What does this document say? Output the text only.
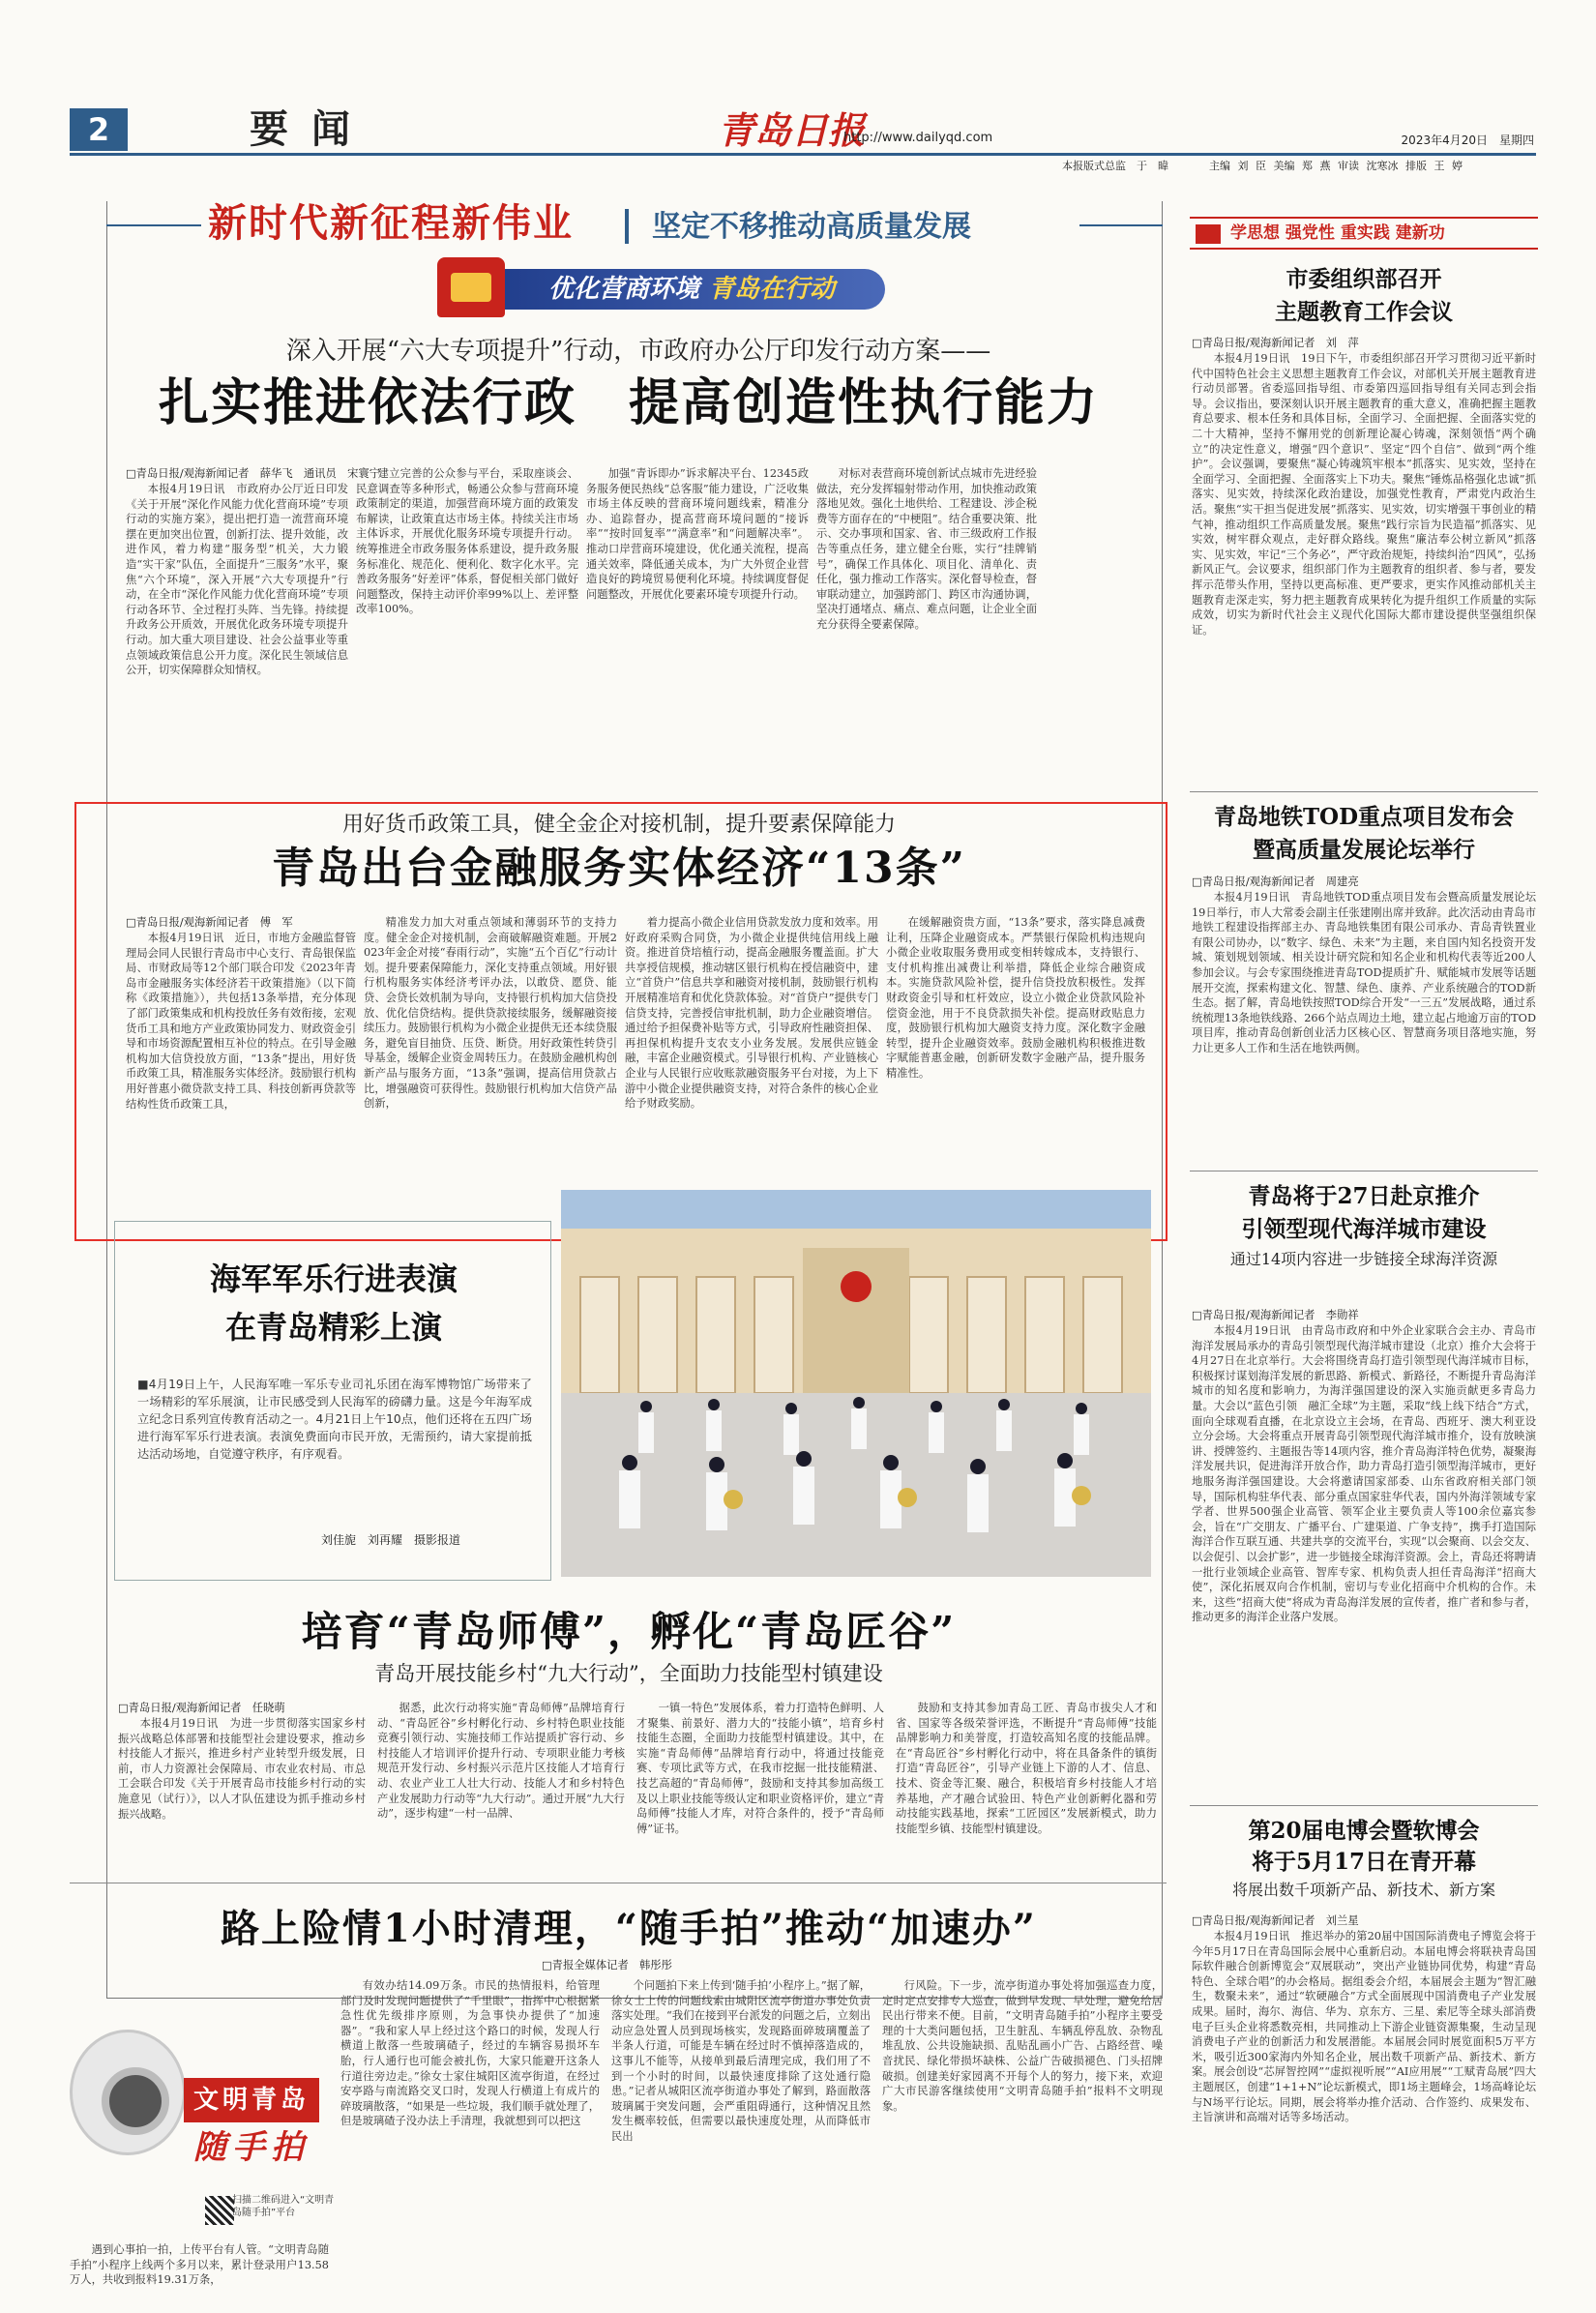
2	要闻	青岛日报
http://www.dailyqd.com	2023年4月20日　星期四
本报版式总监　于　暐	主编 刘 臣 美编 郑 燕 审读 沈寒冰 排版 王 婷
新时代新征程新伟业	坚定不移推动高质量发展
优化营商环境 青岛在行动
深入开展“六大专项提升”行动，市政府办公厅印发行动方案——
扎实推进依法行政　提高创造性执行能力
□青岛日报/观海新闻记者　薛华飞　通讯员　宋寰宁

本报4月19日讯　市政府办公厅近日印发《关于开展“深化作风能力优化营商环境”专项行动的实施方案》，提出把打造一流营商环境摆在更加突出位置，创新打法、提升效能，改进作风，着力构建“服务型”机关，大力锻造“实干家”队伍，全面提升“三服务”水平，聚焦“六个环境”，深入开展“六大专项提升”行动，在全市“深化作风能力优化营商环境”专项行动各环节、全过程打头阵、当先锋。持续提升政务公开质效，开展优化政务环境专项提升行动。加大重大项目建设、社会公益事业等重点领域政策信息公开力度。深化民生领域信息公开，切实保障群众知情权。

建立完善的公众参与平台，采取座谈会、民意调查等多种形式，畅通公众参与营商环境政策制定的渠道，加强营商环境方面的政策发布解读，让政策直达市场主体。持续关注市场主体诉求，开展优化服务环境专项提升行动。统筹推进全市政务服务体系建设，提升政务服务标准化、规范化、便利化、数字化水平。完善政务服务“好差评”体系，督促相关部门做好问题整改，保持主动评价率99%以上、差评整改率100%。

加强“青诉即办”诉求解决平台、12345政务服务便民热线“总客服”能力建设，广泛收集市场主体反映的营商环境问题线索，精准分办、追踪督办，提高营商环境问题的“接诉率”“按时回复率”“满意率”和“问题解决率”。推动口岸营商环境建设，优化通关流程，提高通关效率，降低通关成本，为广大外贸企业营造良好的跨境贸易便利化环境。持续调度督促问题整改，开展优化要素环境专项提升行动。

对标对表营商环境创新试点城市先进经验做法，充分发挥辐射带动作用，加快推动政策落地见效。强化土地供给、工程建设、涉企税费等方面存在的“中梗阻”。结合重要决策、批示、交办事项和国家、省、市三级政府工作报告等重点任务，建立健全台账，实行“挂牌销号”，确保工作具体化、项目化、清单化、责任化，强力推动工作落实。深化督导检查，督审联动建立，加强跨部门、跨区市沟通协调，坚决打通堵点、痛点、难点问题，让企业全面充分获得全要素保障。

用好货币政策工具，健全金企对接机制，提升要素保障能力
青岛出台金融服务实体经济“13条”
□青岛日报/观海新闻记者　傅　军

本报4月19日讯　近日，市地方金融监督管理局会同人民银行青岛市中心支行、青岛银保监局、市财政局等12个部门联合印发《2023年青岛市金融服务实体经济若干政策措施》（以下简称《政策措施》），共包括13条举措，充分体现了部门政策集成和机构投放任务有效衔接，宏观货币工具和地方产业政策协同发力、财政资金引导和市场资源配置相互补位的特点。在引导金融机构加大信贷投放方面，“13条”提出，用好货币政策工具，精准服务实体经济。鼓励银行机构用好普惠小微贷款支持工具、科技创新再贷款等结构性货币政策工具，

精准发力加大对重点领域和薄弱环节的支持力度。健全金企对接机制，会商破解融资难题。开展2023年金企对接“春雨行动”，实施“五个百亿”行动计划。提升要素保障能力，深化支持重点领域。用好银行机构服务实体经济考评办法，以敢贷、愿贷、能贷、会贷长效机制为导向，支持银行机构加大信贷投放、优化信贷结构。提供贷款接续服务，缓解融资接续压力。鼓励银行机构为小微企业提供无还本续贷服务，避免盲目抽贷、压贷、断贷。用好政策性转贷引导基金，缓解企业资金周转压力。在鼓励金融机构创新产品与服务方面，“13条”强调，提高信用贷款占比，增强融资可获得性。鼓励银行机构加大信贷产品创新，

着力提高小微企业信用贷款发放力度和效率。用好政府采购合同贷，为小微企业提供纯信用线上融资。推进首贷培植行动，提高金融服务覆盖面。扩大共享授信规模，推动辖区银行机构在授信融资中，建立“首贷户”信息共享和融资对接机制，鼓励银行机构开展精准培育和优化贷款体验。对“首贷户”提供专门信贷支持，完善授信审批机制，助力企业融资增信。通过给予担保费补贴等方式，引导政府性融资担保、再担保机构提升支农支小业务发展。发展供应链金融，丰富企业融资模式。引导银行机构、产业链核心企业与人民银行应收账款融资服务平台对接，为上下游中小微企业提供融资支持，对符合条件的核心企业给予财政奖励。

在缓解融资贵方面，“13条”要求，落实降息减费让利，压降企业融资成本。严禁银行保险机构违规向小微企业收取服务费用或变相转嫁成本，支持银行、支付机构推出减费让利举措，降低企业综合融资成本。实施贷款风险补偿，提升信贷投放积极性。发挥财政资金引导和杠杆效应，设立小微企业贷款风险补偿资金池，用于不良贷款损失补偿。提高财政贴息力度，鼓励银行机构加大融资支持力度。深化数字金融转型，提升企业融资效率。鼓励金融机构积极推进数字赋能普惠金融，创新研发数字金融产品，提升服务精准性。

海军军乐行进表演
在青岛精彩上演
■4月19日上午，人民海军唯一军乐专业司礼乐团在海军博物馆广场带来了一场精彩的军乐展演，让市民感受到人民海军的磅礴力量。这是今年海军成立纪念日系列宣传教育活动之一。4月21日上午10点，他们还将在五四广场进行海军军乐行进表演。表演免费面向市民开放，无需预约，请大家提前抵达活动场地，自觉遵守秩序，有序观看。
刘佳旎　刘再耀　摄影报道
培育“青岛师傅”，孵化“青岛匠谷”
青岛开展技能乡村“九大行动”，全面助力技能型村镇建设
□青岛日报/观海新闻记者　任晓萌

本报4月19日讯　为进一步贯彻落实国家乡村振兴战略总体部署和技能型社会建设要求，推动乡村技能人才振兴，推进乡村产业转型升级发展，日前，市人力资源社会保障局、市农业农村局、市总工会联合印发《关于开展青岛市技能乡村行动的实施意见（试行）》，以人才队伍建设为抓手推动乡村振兴战略。

据悉，此次行动将实施“青岛师傅”品牌培育行动、“青岛匠谷”乡村孵化行动、乡村特色职业技能竞赛引领行动、实施技师工作站提质扩容行动、乡村技能人才培训评价提升行动、专项职业能力考核规范开发行动、乡村振兴示范片区技能人才培育行动、农业产业工人壮大行动、技能人才和乡村特色产业发展助力行动等“九大行动”。通过开展“九大行动”，逐步构建“一村一品牌、

一镇一特色”发展体系，着力打造特色鲜明、人才聚集、前景好、潜力大的“技能小镇”，培育乡村技能生态圈，全面助力技能型村镇建设。其中，在实施“青岛师傅”品牌培育行动中，将通过技能竞赛、专项比武等方式，在我市挖掘一批技能精湛、技艺高超的“青岛师傅”，鼓励和支持其参加高级工及以上职业技能等级认定和职业资格评价，建立“青岛师傅”技能人才库，对符合条件的，授予“青岛师傅”证书。

鼓励和支持其参加青岛工匠、青岛市拔尖人才和省、国家等各级荣誉评选，不断提升“青岛师傅”技能品牌影响力和美誉度，打造较高知名度的技能品牌。在“青岛匠谷”乡村孵化行动中，将在具备条件的镇街打造“青岛匠谷”，引导产业链上下游的人才、信息、技术、资金等汇聚、融合，积极培育乡村技能人才培养基地，产才融合试验田、特色产业创新孵化器和劳动技能实践基地，探索“工匠园区”发展新模式，助力技能型乡镇、技能型村镇建设。

路上险情1小时清理，“随手拍”推动“加速办”
□青报全媒体记者　韩彤彤
文明青岛
随手拍
扫描二维码进入“文明青岛随手拍”平台

遇到心事拍一拍，上传平台有人管。“文明青岛随手拍”小程序上线两个多月以来，累计登录用户13.58万人，共收到报料19.31万条，

有效办结14.09万条。市民的热情报料，给管理部门及时发现问题提供了“千里眼”，指挥中心根据紧急性优先级排序原则，为急事快办提供了“加速器”。“我和家人早上经过这个路口的时候，发现人行横道上散落一些玻璃碴子，经过的车辆容易损坏车胎，行人通行也可能会被扎伤，大家只能避开这条人行道往旁边走。”徐女士家住城阳区流亭街道，在经过安亭路与南流路交叉口时，发现人行横道上有成片的碎玻璃散落，“如果是一些垃圾，我们顺手就处理了，但是玻璃碴子没办法上手清理，我就想到可以把这

个问题拍下来上传到‘随手拍’小程序上。”据了解，徐女士上传的问题线索由城阳区流亭街道办事处负责落实处理。“我们在接到平台派发的问题之后，立刻出动应急处置人员到现场核实，发现路面碎玻璃覆盖了半条人行道，可能是车辆在经过时不慎掉落造成的，这事儿不能等，从接单到最后清理完成，我们用了不到一个小时的时间，以最快速度排除了这处通行隐患。”记者从城阳区流亭街道办事处了解到，路面散落玻璃属于突发问题，会严重阻碍通行，这种情况且然发生概率较低，但需要以最快速度处理，从而降低市民出

行风险。下一步，流亭街道办事处将加强巡查力度，定时定点安排专人巡查，做到早发现、早处理，避免给居民出行带来不便。目前，“文明青岛随手拍”小程序主要受理的十大类问题包括，卫生脏乱、车辆乱停乱放、杂物乱堆乱放、公共设施缺损、乱贴乱画小广告、占路经营、噪音扰民、绿化带损坏缺株、公益广告破损褪色、门头招牌破损。创建美好家园离不开每个人的努力，接下来，欢迎广大市民游客继续使用“文明青岛随手拍”报料不文明现象。

学思想 强党性 重实践 建新功
市委组织部召开
主题教育工作会议
□青岛日报/观海新闻记者　刘　萍

本报4月19日讯　19日下午，市委组织部召开学习贯彻习近平新时代中国特色社会主义思想主题教育工作会议，对部机关开展主题教育进行动员部署。省委巡回指导组、市委第四巡回指导组有关同志到会指导。会议指出，要深刻认识开展主题教育的重大意义，准确把握主题教育总要求、根本任务和具体目标，全面学习、全面把握、全面落实党的二十大精神，坚持不懈用党的创新理论凝心铸魂，深刻领悟“两个确立”的决定性意义，增强“四个意识”、坚定“四个自信”、做到“两个维护”。会议强调，要聚焦“凝心铸魂筑牢根本”抓落实、见实效，坚持在全面学习、全面把握、全面落实上下功夫。聚焦“锤炼品格强化忠诚”抓落实、见实效，持续深化政治建设，加强党性教育，严肃党内政治生活。聚焦“实干担当促进发展”抓落实、见实效，切实增强干事创业的精气神，推动组织工作高质量发展。聚焦“践行宗旨为民造福”抓落实、见实效，树牢群众观点，走好群众路线。聚焦“廉洁奉公树立新风”抓落实、见实效，牢记“三个务必”，严守政治规矩，持续纠治“四风”，弘扬新风正气。会议要求，组织部门作为主题教育的组织者、参与者，要发挥示范带头作用，坚持以更高标准、更严要求，更实作风推动部机关主题教育走深走实，努力把主题教育成果转化为提升组织工作质量的实际成效，切实为新时代社会主义现代化国际大都市建设提供坚强组织保证。

青岛地铁TOD重点项目发布会
暨高质量发展论坛举行
□青岛日报/观海新闻记者　周建亮

本报4月19日讯　青岛地铁TOD重点项目发布会暨高质量发展论坛19日举行，市人大常委会副主任张建刚出席并致辞。此次活动由青岛市地铁工程建设指挥部主办、青岛地铁集团有限公司承办、青岛青铁置业有限公司协办，以“数字、绿色、未来”为主题，来自国内知名投资开发城、策划规划领域、相关设计研究院和知名企业和机构代表等近200人参加会议。与会专家围绕推进青岛TOD提质扩升、赋能城市发展等话题展开交流，探索构建文化、智慧、绿色、康养、产业系统融合的TOD新生态。据了解，青岛地铁按照TOD综合开发“一三五”发展战略，通过系统梳理13条地铁线路、266个站点周边土地，建立起占地逾万亩的TOD项目库，推动青岛创新创业活力区核心区、智慧商务项目落地实施，努力让更多人工作和生活在地铁两侧。

青岛将于27日赴京推介
引领型现代海洋城市建设
通过14项内容进一步链接全球海洋资源
□青岛日报/观海新闻记者　李勋祥

本报4月19日讯　由青岛市政府和中外企业家联合会主办、青岛市海洋发展局承办的青岛引领型现代海洋城市建设（北京）推介大会将于4月27日在北京举行。大会将围绕青岛打造引领型现代海洋城市目标，积极探讨谋划海洋发展的新思路、新模式、新路径，不断提升青岛海洋城市的知名度和影响力，为海洋强国建设的深入实施贡献更多青岛力量。大会以“蓝色引领　融汇全球”为主题，采取“线上线下结合”方式，面向全球观看直播，在北京设立主会场，在青岛、西班牙、澳大利亚设立分会场。大会将重点开展青岛引领型现代海洋城市推介，设有放映演讲、授牌签约、主题报告等14项内容，推介青岛海洋特色优势，凝聚海洋发展共识，促进海洋开放合作，助力青岛打造引领型海洋城市，更好地服务海洋强国建设。大会将邀请国家部委、山东省政府相关部门领导，国际机构驻华代表、部分重点国家驻华代表，国内外海洋领域专家学者、世界500强企业高管、领军企业主要负责人等100余位嘉宾参会，旨在“广交朋友、广播平台、广建渠道、广争支持”，携手打造国际海洋合作互联互通、共建共享的交流平台，实现“以会聚商、以会交友、以会促引、以会扩影”，进一步链接全球海洋资源。会上，青岛还将聘请一批行业领域企业高管、智库专家、机构负责人担任青岛海洋“招商大使”，深化拓展双向合作机制，密切与专业化招商中介机构的合作。未来，这些“招商大使”将成为青岛海洋发展的宣传者，推广者和参与者，推动更多的海洋企业落户发展。

第20届电博会暨软博会
将于5月17日在青开幕
将展出数千项新产品、新技术、新方案
□青岛日报/观海新闻记者　刘兰星

本报4月19日讯　推迟举办的第20届中国国际消费电子博览会将于今年5月17日在青岛国际会展中心重新启动。本届电博会将联袂青岛国际软件融合创新博览会“双展联动”，突出产业链协同优势，构建“青岛特色、全球合唱”的办会格局。据组委会介绍，本届展会主题为“智汇融生，数聚未来”，通过“软硬融合”方式全面展现中国消费电子产业发展成果。届时，海尔、海信、华为、京东方、三星、索尼等全球头部消费电子巨头企业将悉数亮相，共同推动上下游企业链资源集聚，生动呈现消费电子产业的创新活力和发展潜能。本届展会同时展览面积5万平方米，吸引近300家海内外知名企业，展出数千项新产品、新技术、新方案。展会创设“芯屏智控网”“虚拟视听展”“AI应用展”“工赋青岛展”四大主题展区，创建“1+1+N”论坛新模式，即1场主题峰会，1场高峰论坛与N场平行论坛。同期，展会将举办推介活动、合作签约、成果发布、主旨演讲和高端对话等多场活动。
